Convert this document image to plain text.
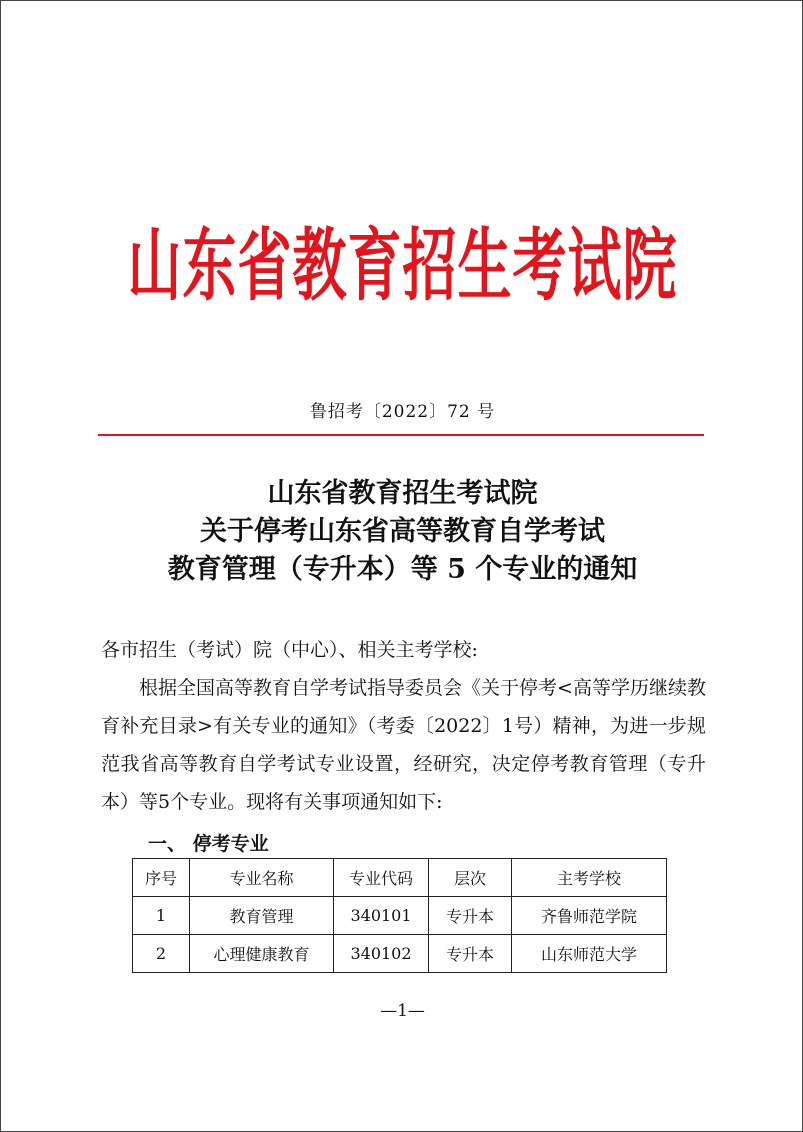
山东省教育招生考试院
鲁招考〔2022〕72 号
山东省教育招生考试院
关于停考山东省高等教育自学考试
教育管理（专升本）等 5 个专业的通知
各市招生（考试）院（中心）、相关主考学校:
根据全国高等教育自学考试指导委员会《关于停考<高等学历继续教育补充目录>有关专业的通知》（考委〔2022〕1号）精神，为进一步规范我省高等教育自学考试专业设置，经研究，决定停考教育管理（专升本）等5个专业。现将有关事项通知如下:
一、 停考专业
序号	专业名称	专业代码	层次	主考学校
1	教育管理	340101	专升本	齐鲁师范学院
2	心理健康教育	340102	专升本	山东师范大学
—1—
